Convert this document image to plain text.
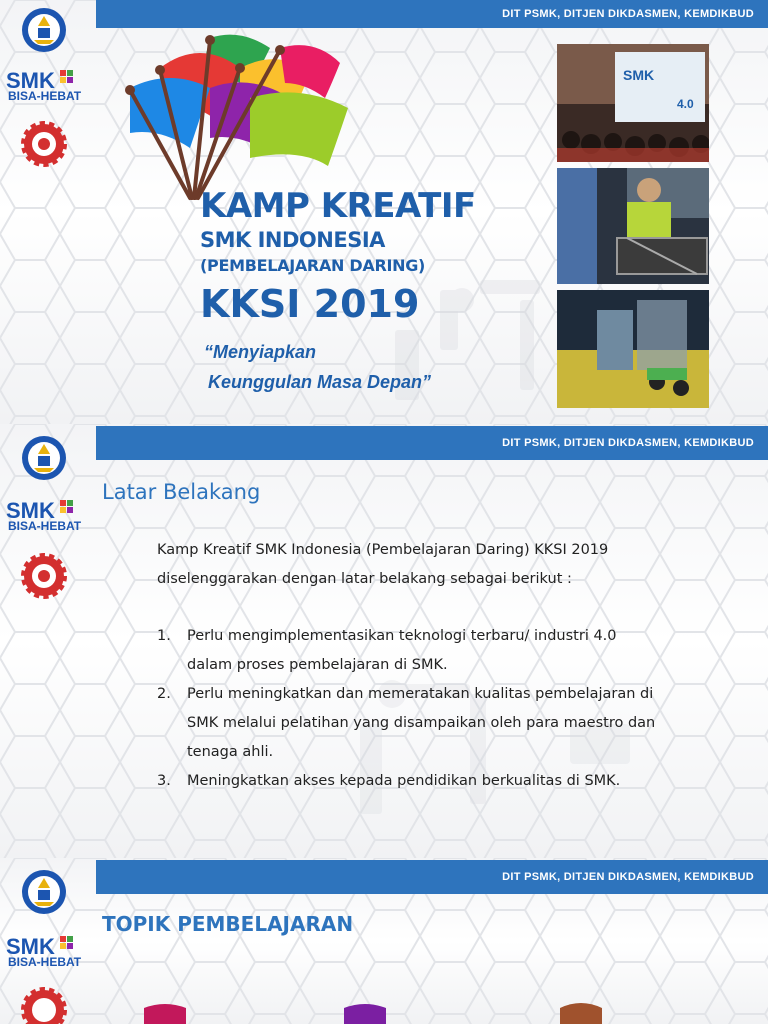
DIT PSMK, DITJEN DIKDASMEN, KEMDIKBUD
SMK
BISA-HEBAT
KAMP KREATIF
SMK INDONESIA
(PEMBELAJARAN DARING)
KKSI 2019
“Menyiapkan
Keunggulan Masa Depan”
SMK
4.0
DIT PSMK, DITJEN DIKDASMEN, KEMDIKBUD
SMK
BISA-HEBAT
Latar Belakang
Kamp Kreatif SMK Indonesia (Pembelajaran Daring) KKSI 2019
diselenggarakan dengan latar belakang sebagai berikut :
1. Perlu mengimplementasikan teknologi terbaru/ industri 4.0
dalam proses pembelajaran di SMK.
2. Perlu meningkatkan dan memeratakan kualitas pembelajaran di
SMK melalui pelatihan yang disampaikan oleh para maestro dan
tenaga ahli.
3. Meningkatkan akses kepada pendidikan berkualitas di SMK.
DIT PSMK, DITJEN DIKDASMEN, KEMDIKBUD
SMK
BISA-HEBAT
TOPIK PEMBELAJARAN
